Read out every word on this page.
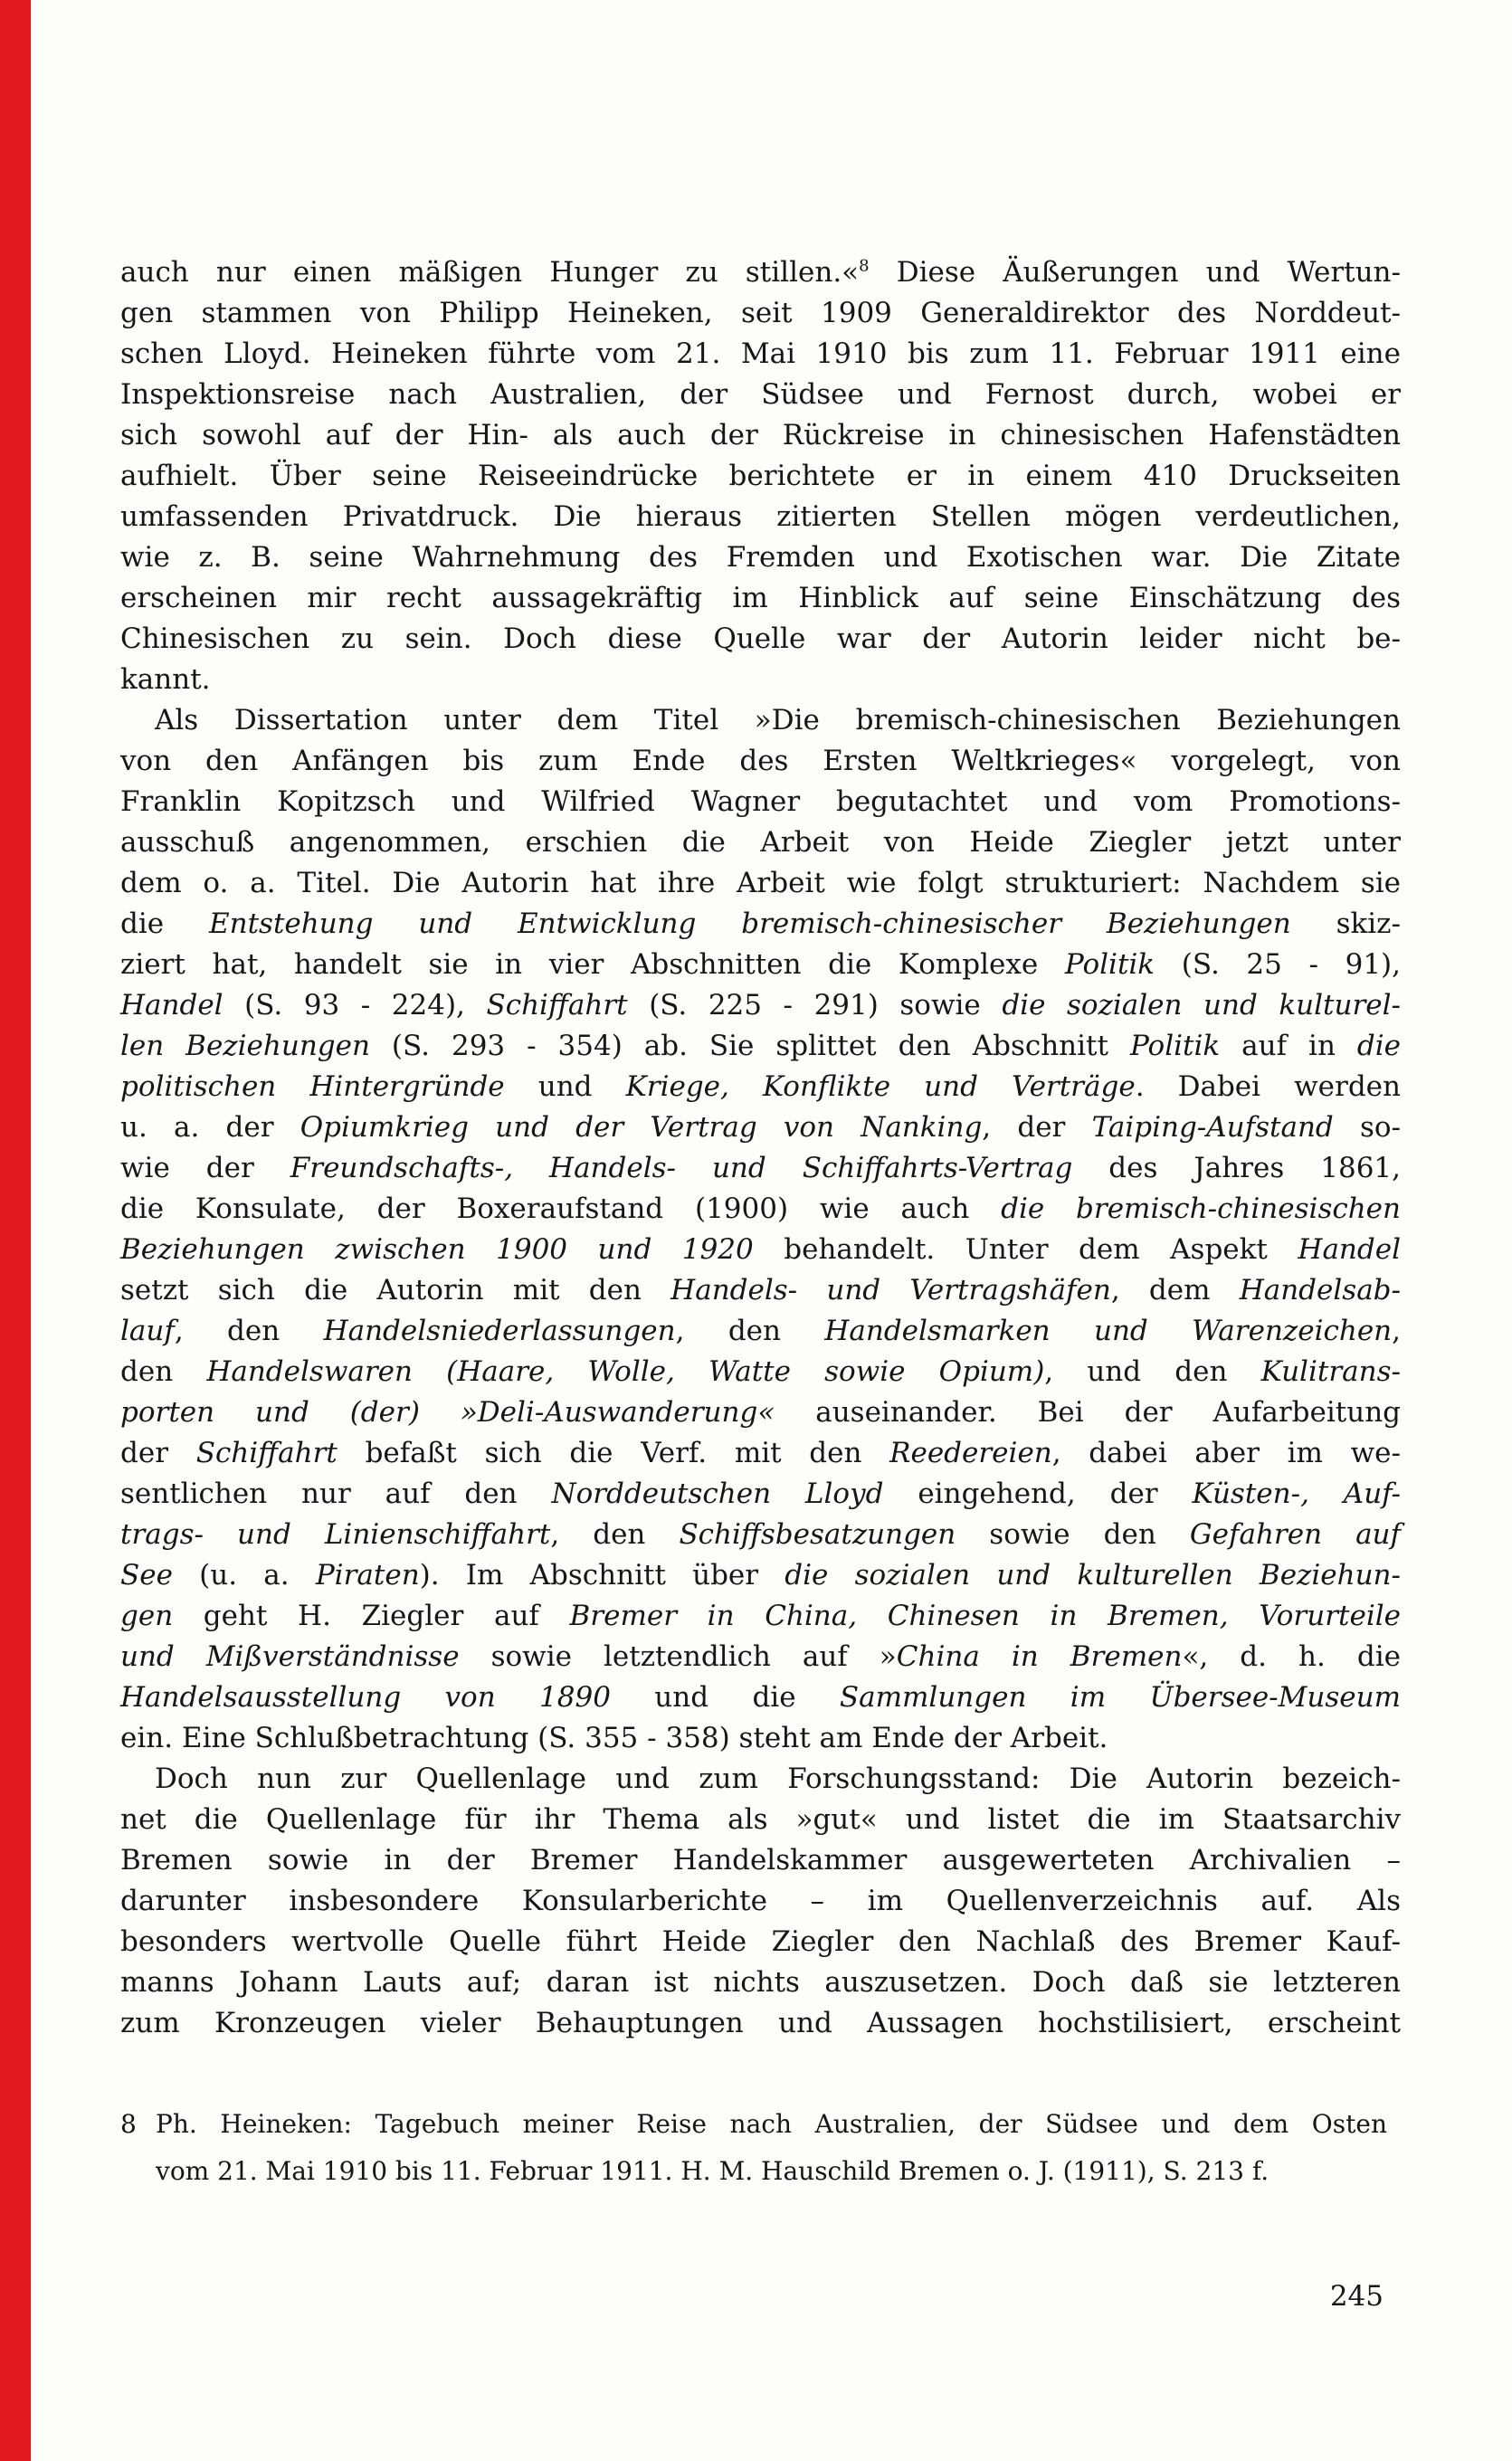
auch nur einen mäßigen Hunger zu stillen.«$^8$ Diese Äußerungen und Wertun-
gen stammen von Philipp Heineken, seit 1909 Generaldirektor des Norddeut-
schen Lloyd. Heineken führte vom 21. Mai 1910 bis zum 11. Februar 1911 eine
Inspektionsreise nach Australien, der Südsee und Fernost durch, wobei er
sich sowohl auf der Hin- als auch der Rückreise in chinesischen Hafenstädten
aufhielt. Über seine Reiseeindrücke berichtete er in einem 410 Druckseiten
umfassenden Privatdruck. Die hieraus zitierten Stellen mögen verdeutlichen,
wie z. B. seine Wahrnehmung des Fremden und Exotischen war. Die Zitate
erscheinen mir recht aussagekräftig im Hinblick auf seine Einschätzung des
Chinesischen zu sein. Doch diese Quelle war der Autorin leider nicht be-
kannt.
Als Dissertation unter dem Titel »Die bremisch-chinesischen Beziehungen
von den Anfängen bis zum Ende des Ersten Weltkrieges« vorgelegt, von
Franklin Kopitzsch und Wilfried Wagner begutachtet und vom Promotions-
ausschuß angenommen, erschien die Arbeit von Heide Ziegler jetzt unter
dem o. a. Titel. Die Autorin hat ihre Arbeit wie folgt strukturiert: Nachdem sie
die Entstehung und Entwicklung bremisch-chinesischer Beziehungen skiz-
ziert hat, handelt sie in vier Abschnitten die Komplexe Politik (S. 25 - 91),
Handel (S. 93 - 224), Schiffahrt (S. 225 - 291) sowie die sozialen und kulturel-
len Beziehungen (S. 293 - 354) ab. Sie splittet den Abschnitt Politik auf in die
politischen Hintergründe und Kriege, Konflikte und Verträge. Dabei werden
u. a. der Opiumkrieg und der Vertrag von Nanking, der Taiping-Aufstand so-
wie der Freundschafts-, Handels- und Schiffahrts-Vertrag des Jahres 1861,
die Konsulate, der Boxeraufstand (1900) wie auch die bremisch-chinesischen
Beziehungen zwischen 1900 und 1920 behandelt. Unter dem Aspekt Handel
setzt sich die Autorin mit den Handels- und Vertragshäfen, dem Handelsab-
lauf, den Handelsniederlassungen, den Handelsmarken und Warenzeichen,
den Handelswaren (Haare, Wolle, Watte sowie Opium), und den Kulitrans-
porten und (der) »Deli-Auswanderung« auseinander. Bei der Aufarbeitung
der Schiffahrt befaßt sich die Verf. mit den Reedereien, dabei aber im we-
sentlichen nur auf den Norddeutschen Lloyd eingehend, der Küsten-, Auf-
trags- und Linienschiffahrt, den Schiffsbesatzungen sowie den Gefahren auf
See (u. a. Piraten). Im Abschnitt über die sozialen und kulturellen Beziehun-
gen geht H. Ziegler auf Bremer in China, Chinesen in Bremen, Vorurteile
und Mißverständnisse sowie letztendlich auf »China in Bremen«, d. h. die
Handelsausstellung von 1890 und die Sammlungen im Übersee-Museum
ein. Eine Schlußbetrachtung (S. 355 - 358) steht am Ende der Arbeit.
Doch nun zur Quellenlage und zum Forschungsstand: Die Autorin bezeich-
net die Quellenlage für ihr Thema als »gut« und listet die im Staatsarchiv
Bremen sowie in der Bremer Handelskammer ausgewerteten Archivalien –
darunter insbesondere Konsularberichte – im Quellenverzeichnis auf. Als
besonders wertvolle Quelle führt Heide Ziegler den Nachlaß des Bremer Kauf-
manns Johann Lauts auf; daran ist nichts auszusetzen. Doch daß sie letzteren
zum Kronzeugen vieler Behauptungen und Aussagen hochstilisiert, erscheint
8 Ph. Heineken: Tagebuch meiner Reise nach Australien, der Südsee und dem Osten
vom 21. Mai 1910 bis 11. Februar 1911. H. M. Hauschild Bremen o. J. (1911), S. 213 f.
245
